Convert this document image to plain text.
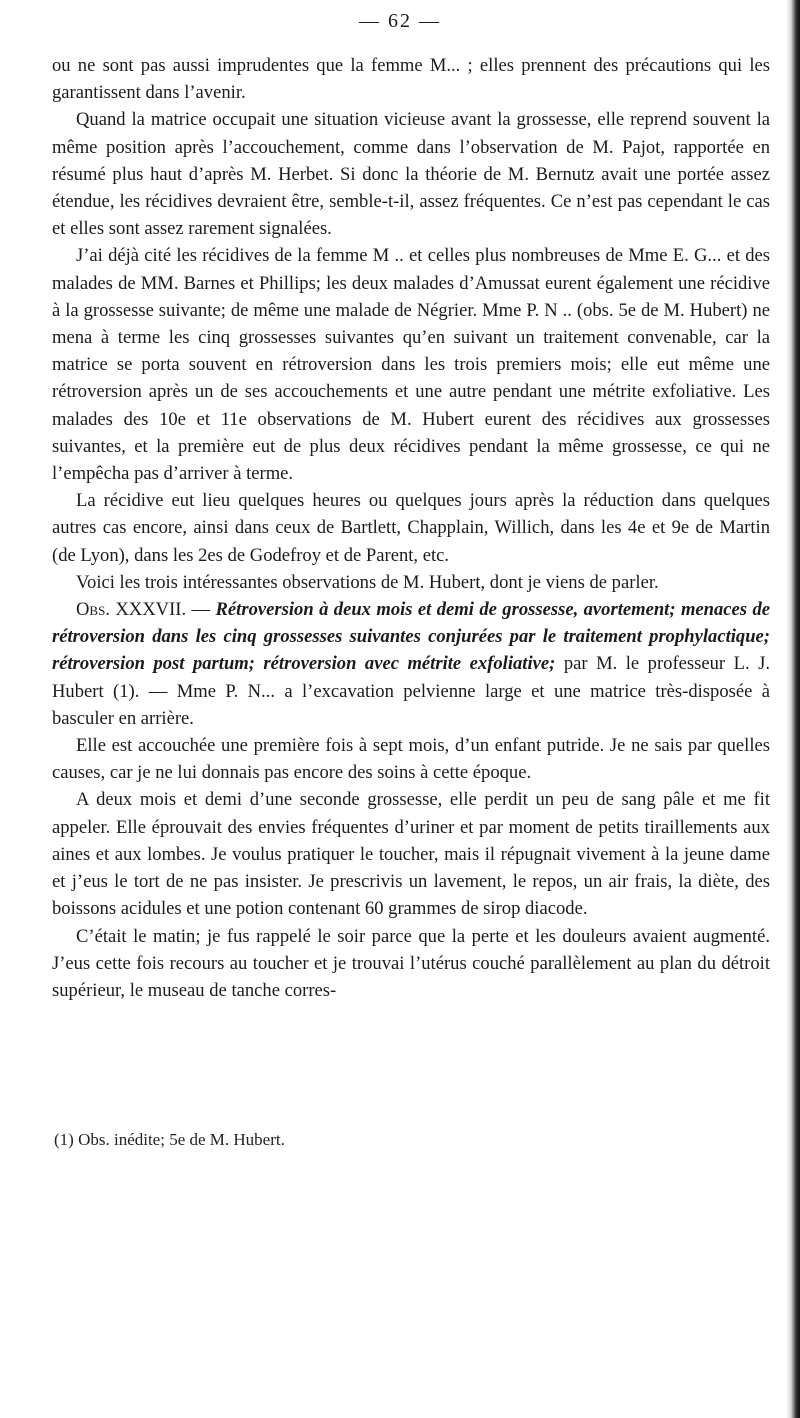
— 62 —

ou ne sont pas aussi imprudentes que la femme M... ; elles prennent des précautions qui les garantissent dans l’avenir.

Quand la matrice occupait une situation vicieuse avant la grossesse, elle reprend souvent la même position après l’accouchement, comme dans l’observation de M. Pajot, rapportée en résumé plus haut d’après M. Herbet. Si donc la théorie de M. Bernutz avait une portée assez étendue, les récidives devraient être, semble-t-il, assez fréquentes. Ce n’est pas cependant le cas et elles sont assez rarement signalées.

J’ai déjà cité les récidives de la femme M .. et celles plus nombreuses de Mme E. G... et des malades de MM. Barnes et Phillips; les deux malades d’Amussat eurent également une récidive à la grossesse suivante; de même une malade de Négrier. Mme P. N .. (obs. 5e de M. Hubert) ne mena à terme les cinq grossesses suivantes qu’en suivant un traitement convenable, car la matrice se porta souvent en rétroversion dans les trois premiers mois; elle eut même une rétroversion après un de ses accouchements et une autre pendant une métrite exfoliative. Les malades des 10e et 11e observations de M. Hubert eurent des récidives aux grossesses suivantes, et la première eut de plus deux récidives pendant la même grossesse, ce qui ne l’empêcha pas d’arriver à terme.

La récidive eut lieu quelques heures ou quelques jours après la réduction dans quelques autres cas encore, ainsi dans ceux de Bartlett, Chapplain, Willich, dans les 4e et 9e de Martin (de Lyon), dans les 2es de Godefroy et de Parent, etc.

Voici les trois intéressantes observations de M. Hubert, dont je viens de parler.

Obs. XXXVII. — Rétroversion à deux mois et demi de grossesse, avortement; menaces de rétroversion dans les cinq grossesses suivantes conjurées par le traitement prophylactique; rétroversion post partum; rétroversion avec métrite exfoliative; par M. le professeur L. J. Hubert (1). — Mme P. N... a l’excavation pelvienne large et une matrice très-disposée à basculer en arrière.

Elle est accouchée une première fois à sept mois, d’un enfant putride. Je ne sais par quelles causes, car je ne lui donnais pas encore des soins à cette époque.

A deux mois et demi d’une seconde grossesse, elle perdit un peu de sang pâle et me fit appeler. Elle éprouvait des envies fréquentes d’uriner et par moment de petits tiraillements aux aines et aux lombes. Je voulus pratiquer le toucher, mais il répugnait vivement à la jeune dame et j’eus le tort de ne pas insister. Je prescrivis un lavement, le repos, un air frais, la diète, des boissons acidules et une potion contenant 60 grammes de sirop diacode.

C’était le matin; je fus rappelé le soir parce que la perte et les douleurs avaient augmenté. J’eus cette fois recours au toucher et je trouvai l’utérus couché parallèlement au plan du détroit supérieur, le museau de tanche corres-

(1) Obs. inédite; 5e de M. Hubert.
